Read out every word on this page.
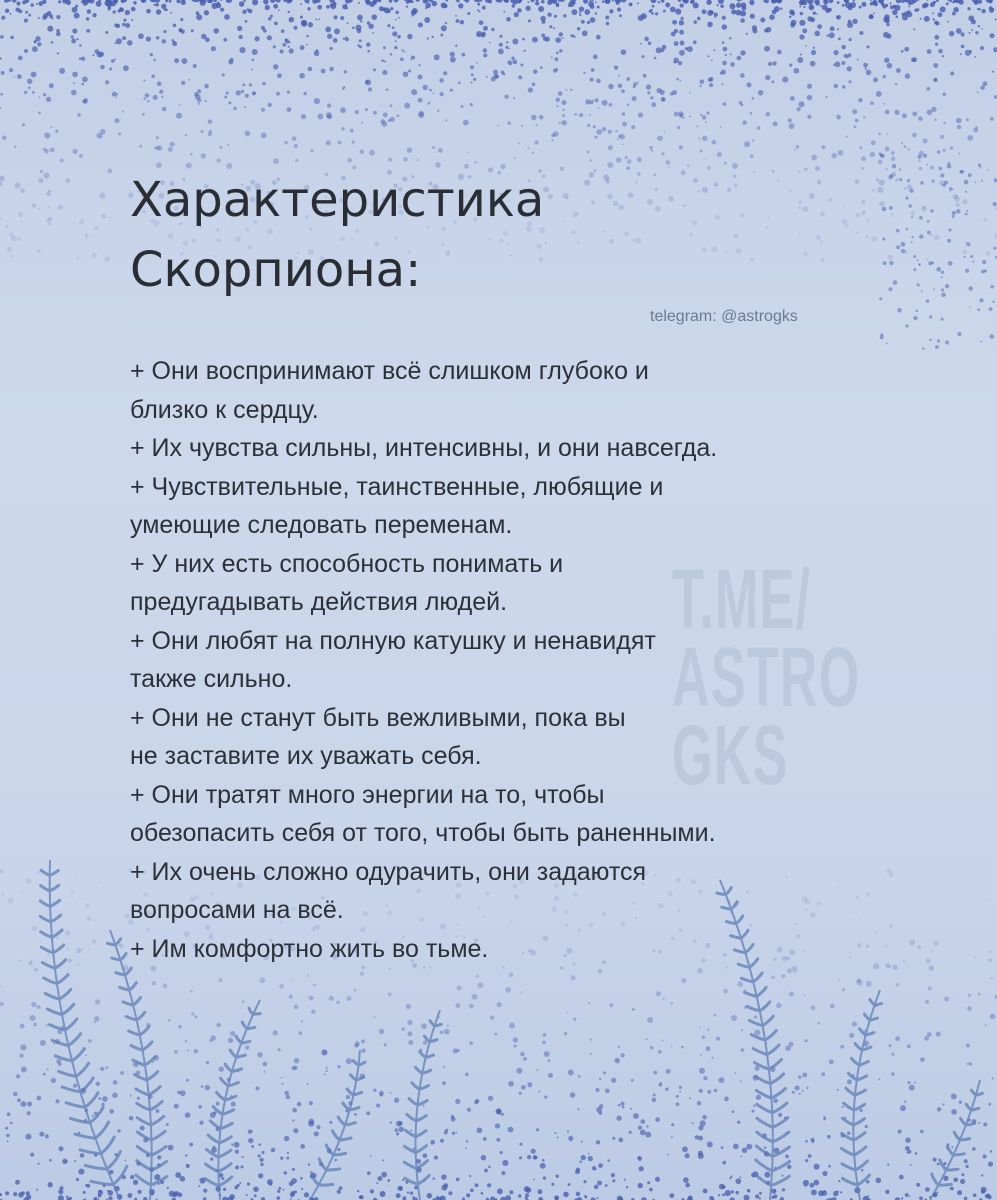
T.ME/
ASTRO
GKS
Характеристика
Скорпиона:
telegram: @astrogks
+ Они воспринимают всё слишком глубоко и
близко к сердцу.
+ Их чувства сильны, интенсивны, и они навсегда.
+ Чувствительные, таинственные, любящие и
умеющие следовать переменам.
+ У них есть способность понимать и
предугадывать действия людей.
+ Они любят на полную катушку и ненавидят
также сильно.
+ Они не станут быть вежливыми, пока вы
не заставите их уважать себя.
+ Они тратят много энергии на то, чтобы
обезопасить себя от того, чтобы быть раненными.
+ Их очень сложно одурачить, они задаются
вопросами на всё.
+ Им комфортно жить во тьме.
